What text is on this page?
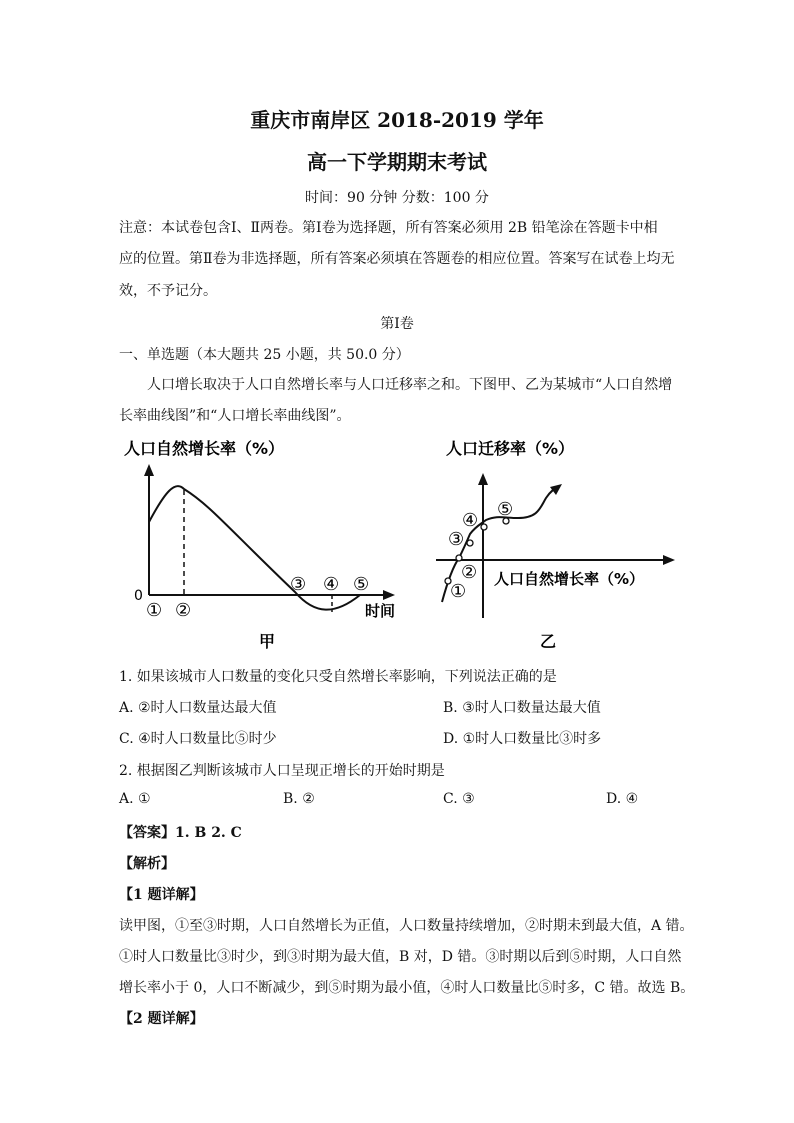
重庆市南岸区 2018-2019 学年
高一下学期期末考试
时间：90 分钟 分数：100 分
注意：本试卷包含Ⅰ、Ⅱ两卷。第Ⅰ卷为选择题，所有答案必须用 2B 铅笔涂在答题卡中相
应的位置。第Ⅱ卷为非选择题，所有答案必须填在答题卷的相应位置。答案写在试卷上均无
效，不予记分。
第Ⅰ卷
一、单选题（本大题共 25 小题，共 50.0 分）
人口增长取决于人口自然增长率与人口迁移率之和。下图甲、乙为某城市“人口自然增
长率曲线图”和“人口增长率曲线图”。
人口自然增长率（%）
0
① ②
③ ④ ⑤
时间
甲
人口迁移率（%）
①
②
③
④
⑤
人口自然增长率（%）
乙
1. 如果该城市人口数量的变化只受自然增长率影响，下列说法正确的是
A. ②时人口数量达最大值	B. ③时人口数量达最大值
C. ④时人口数量比⑤时少	D. ①时人口数量比③时多
2. 根据图乙判断该城市人口呈现正增长的开始时期是
A. ①	B. ②	C. ③	D. ④
【答案】1. B 2. C
【解析】
【1 题详解】
读甲图，①至③时期，人口自然增长为正值，人口数量持续增加，②时期未到最大值，A 错。
①时人口数量比③时少，到③时期为最大值，B 对，D 错。③时期以后到⑤时期，人口自然
增长率小于 0，人口不断减少，到⑤时期为最小值，④时人口数量比⑤时多，C 错。故选 B。
【2 题详解】
